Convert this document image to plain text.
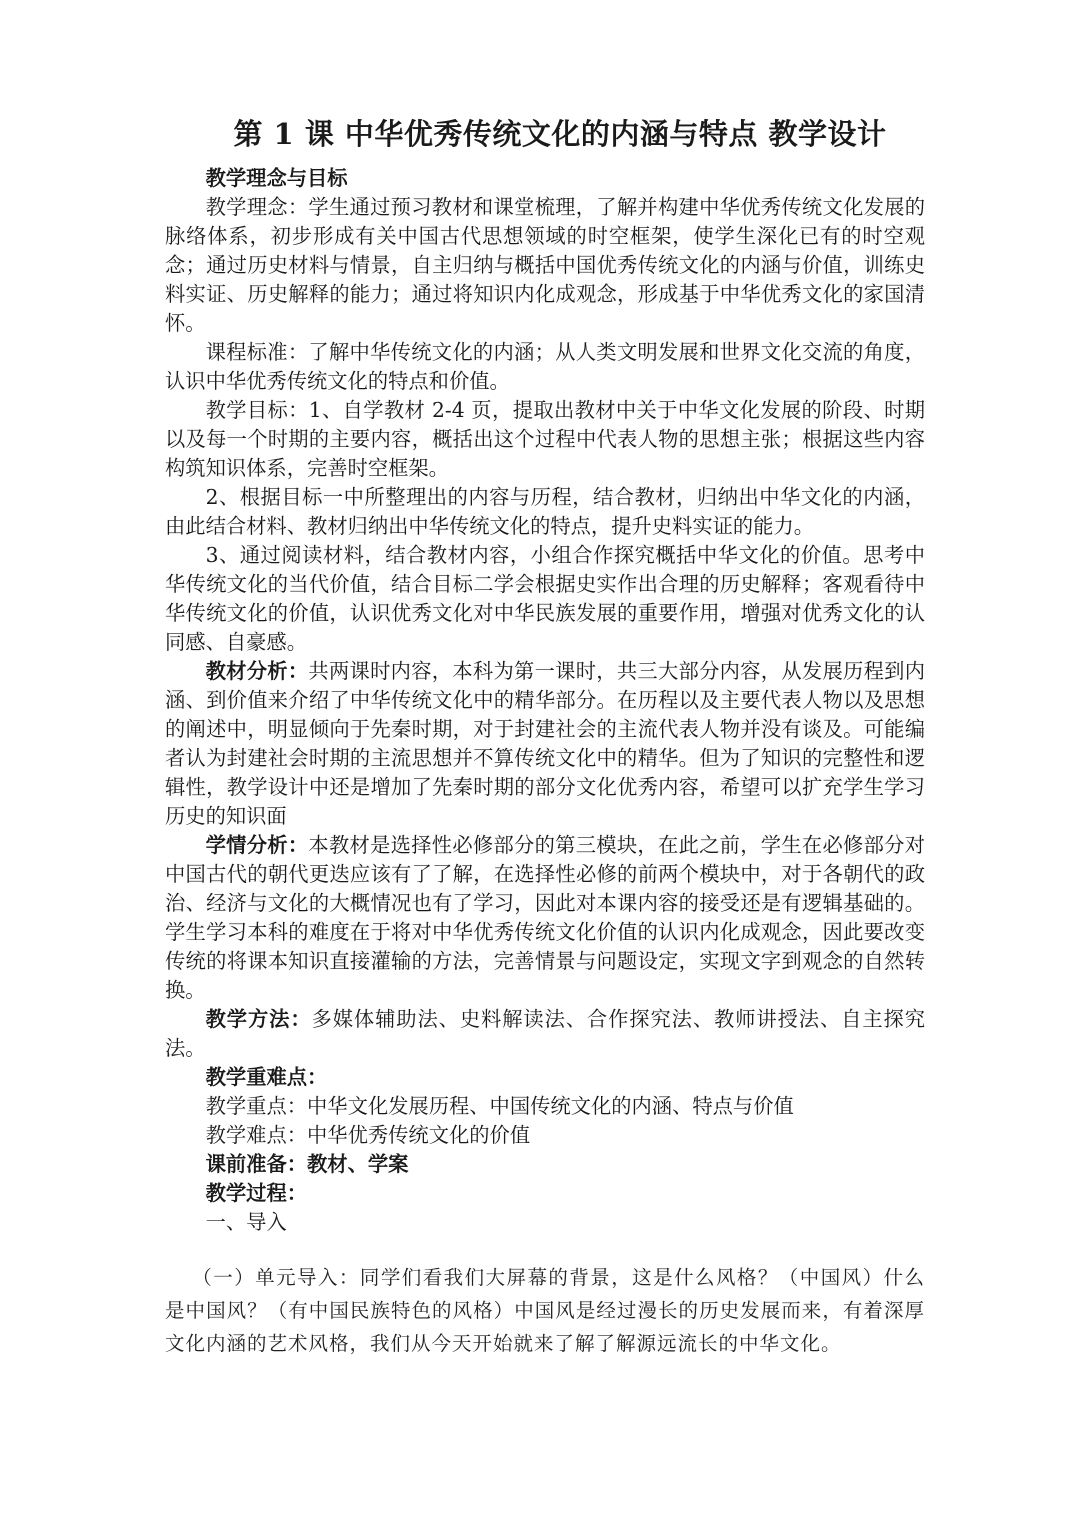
第 1 课 中华优秀传统文化的内涵与特点 教学设计

教学理念与目标

教学理念：学生通过预习教材和课堂梳理，了解并构建中华优秀传统文化发展的脉络体系，初步形成有关中国古代思想领域的时空框架，使学生深化已有的时空观念；通过历史材料与情景，自主归纳与概括中国优秀传统文化的内涵与价值，训练史料实证、历史解释的能力；通过将知识内化成观念，形成基于中华优秀文化的家国清怀。

课程标准：了解中华传统文化的内涵；从人类文明发展和世界文化交流的角度，认识中华优秀传统文化的特点和价值。

教学目标：1、自学教材 2-4 页，提取出教材中关于中华文化发展的阶段、时期以及每一个时期的主要内容，概括出这个过程中代表人物的思想主张；根据这些内容构筑知识体系，完善时空框架。

2、根据目标一中所整理出的内容与历程，结合教材，归纳出中华文化的内涵，由此结合材料、教材归纳出中华传统文化的特点，提升史料实证的能力。

3、通过阅读材料，结合教材内容，小组合作探究概括中华文化的价值。思考中华传统文化的当代价值，结合目标二学会根据史实作出合理的历史解释；客观看待中华传统文化的价值，认识优秀文化对中华民族发展的重要作用，增强对优秀文化的认同感、自豪感。

教材分析：共两课时内容，本科为第一课时，共三大部分内容，从发展历程到内涵、到价值来介绍了中华传统文化中的精华部分。在历程以及主要代表人物以及思想的阐述中，明显倾向于先秦时期，对于封建社会的主流代表人物并没有谈及。可能编者认为封建社会时期的主流思想并不算传统文化中的精华。但为了知识的完整性和逻辑性，教学设计中还是增加了先秦时期的部分文化优秀内容，希望可以扩充学生学习历史的知识面

学情分析：本教材是选择性必修部分的第三模块，在此之前，学生在必修部分对中国古代的朝代更迭应该有了了解，在选择性必修的前两个模块中，对于各朝代的政治、经济与文化的大概情况也有了学习，因此对本课内容的接受还是有逻辑基础的。学生学习本科的难度在于将对中华优秀传统文化价值的认识内化成观念，因此要改变传统的将课本知识直接灌输的方法，完善情景与问题设定，实现文字到观念的自然转换。

教学方法：多媒体辅助法、史料解读法、合作探究法、教师讲授法、自主探究法。

教学重难点：

教学重点：中华文化发展历程、中国传统文化的内涵、特点与价值

教学难点：中华优秀传统文化的价值

课前准备：教材、学案

教学过程：

一、导入

（一）单元导入：同学们看我们大屏幕的背景，这是什么风格？（中国风）什么是中国风？（有中国民族特色的风格）中国风是经过漫长的历史发展而来，有着深厚文化内涵的艺术风格，我们从今天开始就来了解了解源远流长的中华文化。
